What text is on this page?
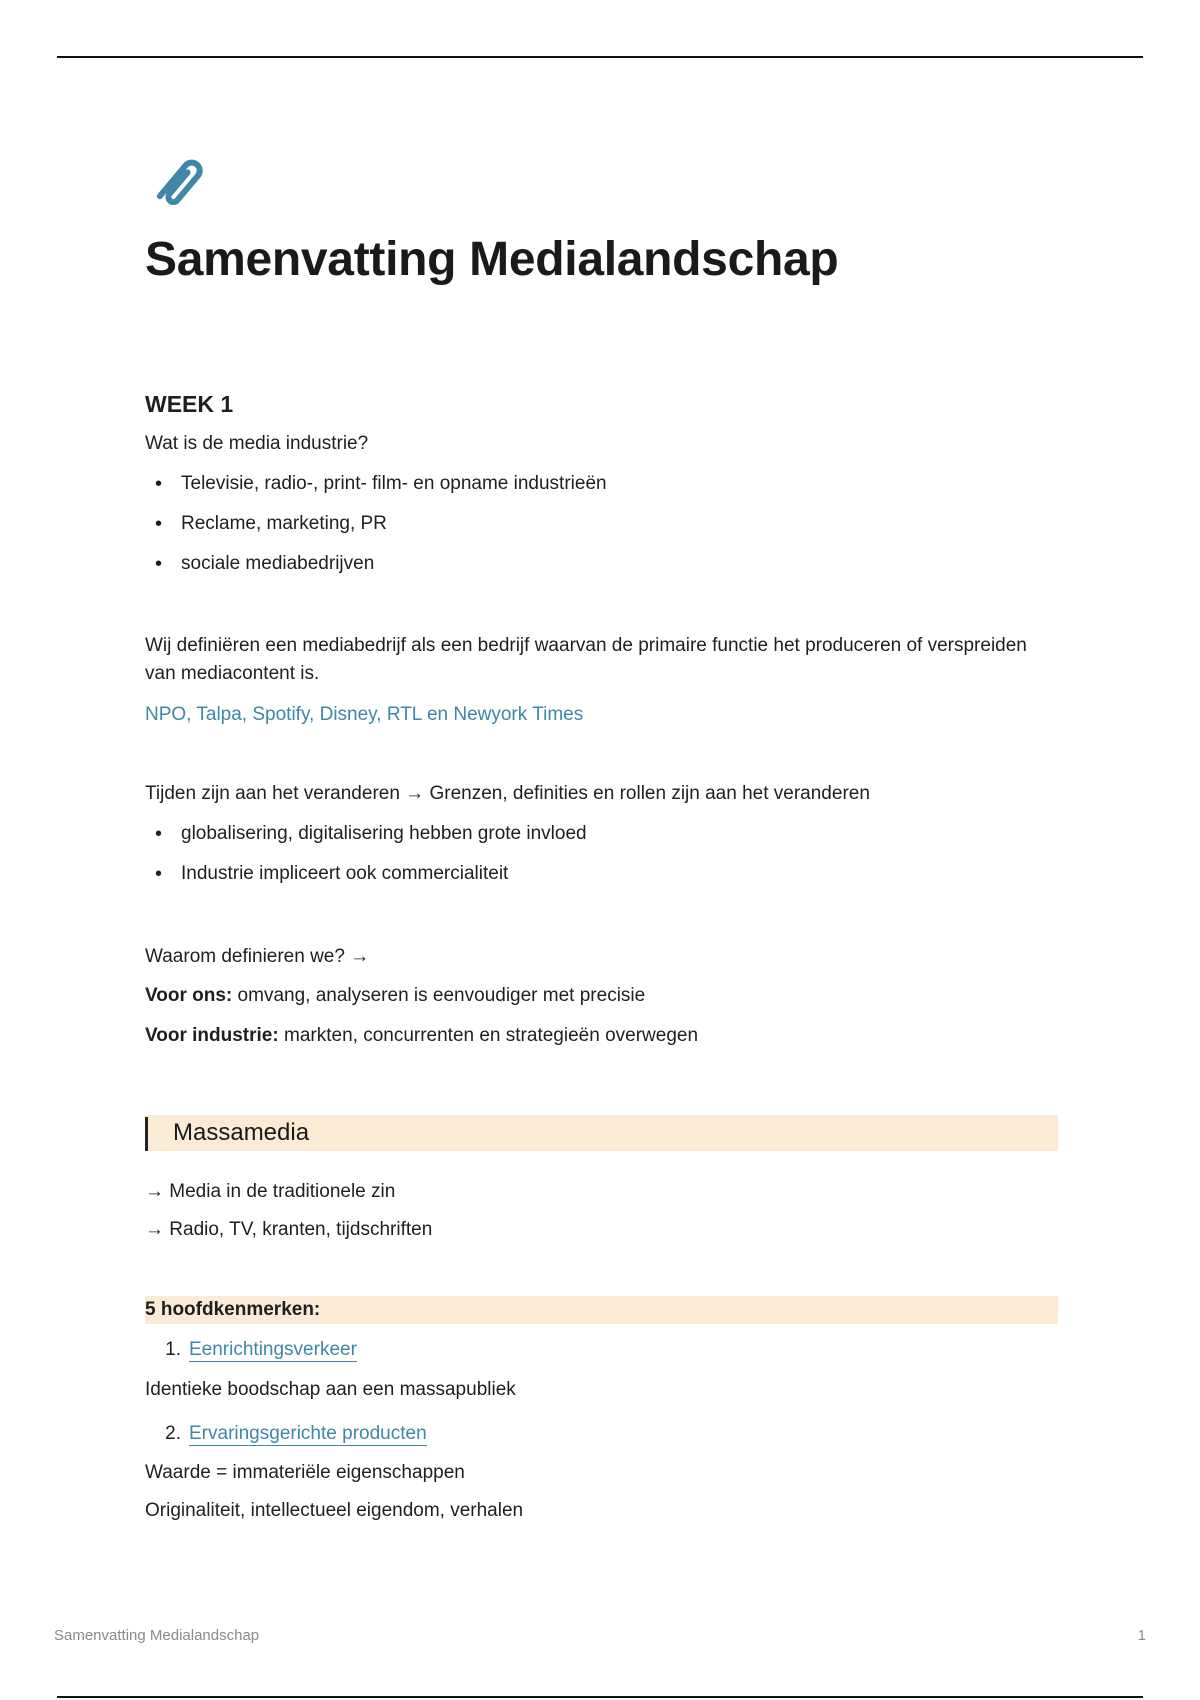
Samenvatting Medialandschap
WEEK 1

Wat is de media industrie?

• Televisie, radio-, print- film- en opname industrieën
• Reclame, marketing, PR
• sociale mediabedrijven

Wij definiëren een mediabedrijf als een bedrijf waarvan de primaire functie het produceren of verspreiden van mediacontent is.

NPO, Talpa, Spotify, Disney, RTL en Newyork Times

Tijden zijn aan het veranderen → Grenzen, definities en rollen zijn aan het veranderen

• globalisering, digitalisering hebben grote invloed
• Industrie impliceert ook commercialiteit

Waarom definieren we? →

Voor ons: omvang, analyseren is eenvoudiger met precisie

Voor industrie: markten, concurrenten en strategieën overwegen

Massamedia

→ Media in de traditionele zin

→ Radio, TV, kranten, tijdschriften

5 hoofdkenmerken:
1. Eenrichtingsverkeer

Identieke boodschap aan een massapubliek

2. Ervaringsgerichte producten

Waarde = immateriële eigenschappen

Originaliteit, intellectueel eigendom, verhalen

Samenvatting Medialandschap	1
